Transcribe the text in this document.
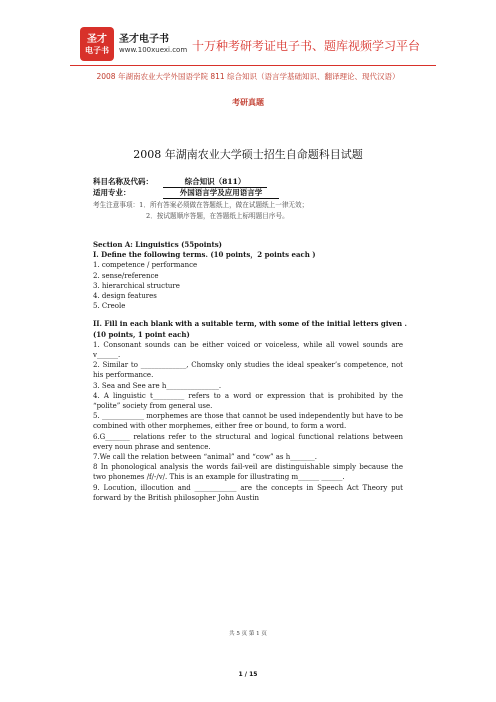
圣才
电子书
圣才电子书
www.100xuexi.com 十万种考研考证电子书、题库视频学习平台
2008 年湖南农业大学外国语学院 811 综合知识（语言学基础知识、翻译理论、现代汉语）
考研真题
2008 年湖南农业大学硕士招生自命题科目试题
科目名称及代码：	综合知识（811）
适用专业：	外国语言学及应用语言学
考生注意事项：1．所有答案必须做在答题纸上，做在试题纸上一律无效；
2．按试题顺序答题，在答题纸上标明题目序号。
Section A: Linguistics (55points)
I. Define the following terms. (10 points，2 points each )
1. competence / performance
2. sense/reference
3. hierarchical structure
4. design features
5. Creole
II. Fill in each blank with a suitable term, with some of the initial letters given .
(10 points, 1 point each)
1. Consonant sounds can be either voiced or voiceless, while all vowel sounds are v______.
2. Similar to _____________, Chomsky only studies the ideal speaker’s competence, not his performance.
3. Sea and See are h_______________.
4. A linguistic t_________ refers to a word or expression that is prohibited by the “polite” society from general use.
5. ____________ morphemes are those that cannot be used independently but have to be combined with other morphemes, either free or bound, to form a word.
6.G_______ relations refer to the structural and logical functional relations between every noun phrase and sentence.
7.We call the relation between “animal” and “cow” as h_______.
8 In phonological analysis the words fail-veil are distinguishable simply because the two phonemes /f/-/v/. This is an example for illustrating m______ ______.
9. Locution, illocution and ____________ are the concepts in Speech Act Theory put forward by the British philosopher John Austin
共 5 页 第 1 页
1 / 15
